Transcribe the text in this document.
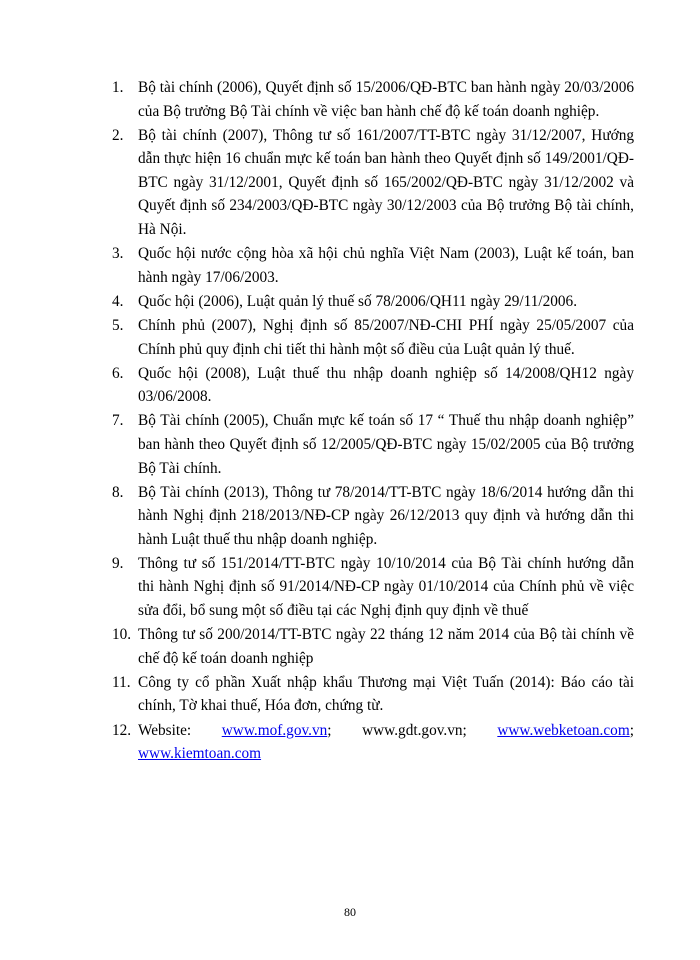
1. Bộ tài chính (2006), Quyết định số 15/2006/QĐ-BTC ban hành ngày 20/03/2006 của Bộ trưởng Bộ Tài chính về việc ban hành chế độ kế toán doanh nghiệp.
2. Bộ tài chính (2007), Thông tư số 161/2007/TT-BTC ngày 31/12/2007, Hướng dẫn thực hiện 16 chuẩn mực kế toán ban hành theo Quyết định số 149/2001/QĐ-BTC ngày 31/12/2001, Quyết định số 165/2002/QĐ-BTC ngày 31/12/2002 và Quyết định số 234/2003/QĐ-BTC ngày 30/12/2003 của Bộ trưởng Bộ tài chính, Hà Nội.
3. Quốc hội nước cộng hòa xã hội chủ nghĩa Việt Nam (2003), Luật kế toán, ban hành ngày 17/06/2003.
4. Quốc hội (2006), Luật quản lý thuế số 78/2006/QH11 ngày 29/11/2006.
5. Chính phủ (2007), Nghị định số 85/2007/NĐ-CHI PHÍ ngày 25/05/2007 của Chính phủ quy định chi tiết thi hành một số điều của Luật quản lý thuế.
6. Quốc hội (2008), Luật thuế thu nhập doanh nghiệp số 14/2008/QH12 ngày 03/06/2008.
7. Bộ Tài chính (2005), Chuẩn mực kế toán số 17 “ Thuế thu nhập doanh nghiệp” ban hành theo Quyết định số 12/2005/QĐ-BTC ngày 15/02/2005 của Bộ trưởng Bộ Tài chính.
8. Bộ Tài chính (2013), Thông tư 78/2014/TT-BTC ngày 18/6/2014 hướng dẫn thi hành Nghị định 218/2013/NĐ-CP ngày 26/12/2013 quy định và hướng dẫn thi hành Luật thuế thu nhập doanh nghiệp.
9. Thông tư số 151/2014/TT-BTC ngày 10/10/2014 của Bộ Tài chính hướng dẫn thi hành Nghị định số 91/2014/NĐ-CP ngày 01/10/2014 của Chính phủ về việc sửa đổi, bổ sung một số điều tại các Nghị định quy định về thuế
10. Thông tư số 200/2014/TT-BTC ngày 22 tháng 12 năm 2014 của Bộ tài chính về chế độ kế toán doanh nghiệp
11. Công ty cổ phần Xuất nhập khẩu Thương mại Việt Tuấn (2014): Báo cáo tài chính, Tờ khai thuế, Hóa đơn, chứng từ.
12. Website: www.mof.gov.vn; www.gdt.gov.vn; www.webketoan.com;
www.kiemtoan.com
80
